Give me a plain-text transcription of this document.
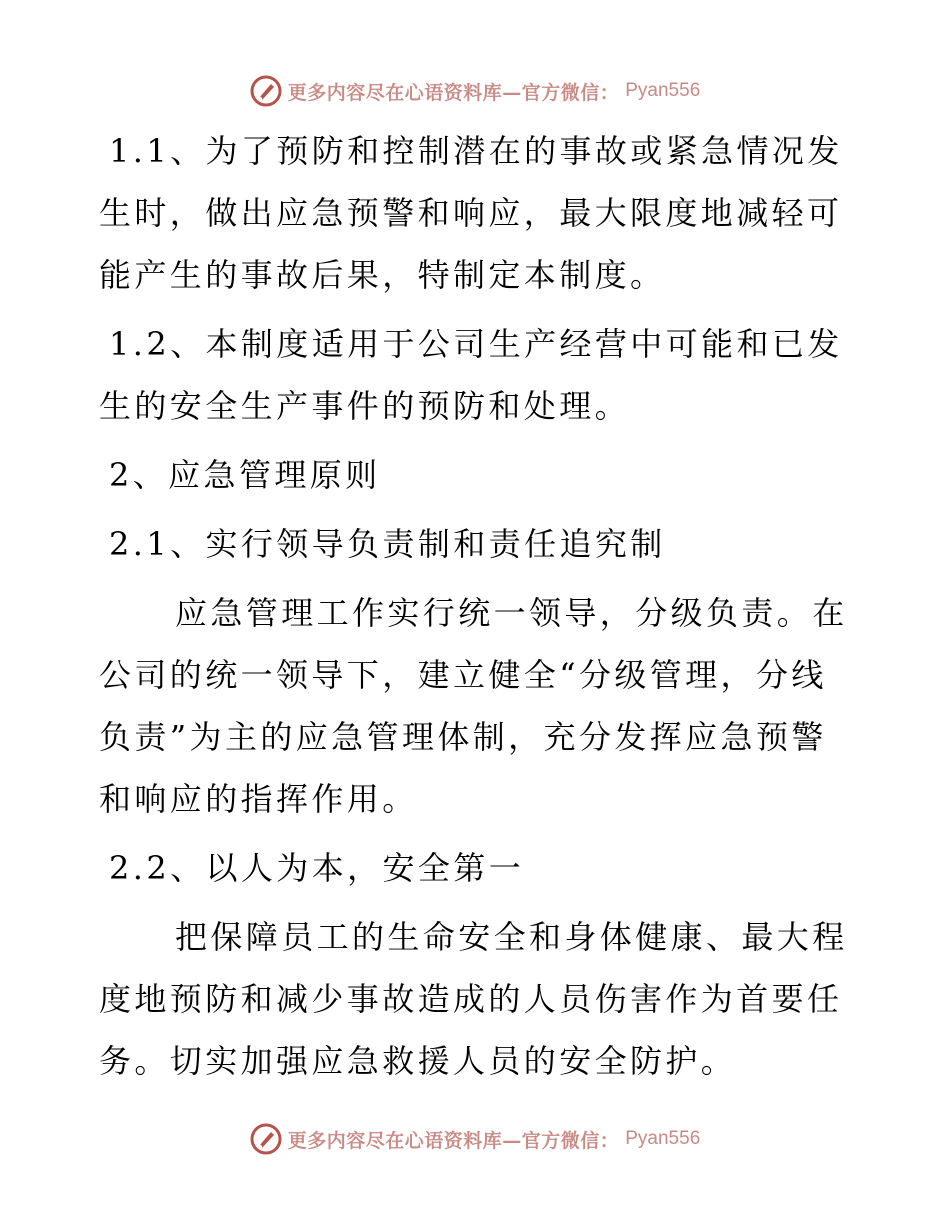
更多内容尽在心语资料库—官方微信： Pyan556

1.1、为了预防和控制潜在的事故或紧急情况发生时，做出应急预警和响应，最大限度地减轻可能产生的事故后果，特制定本制度。

1.2、本制度适用于公司生产经营中可能和已发生的安全生产事件的预防和处理。

2、应急管理原则

2.1、实行领导负责制和责任追究制

应急管理工作实行统一领导，分级负责。在公司的统一领导下，建立健全“分级管理，分线负责”为主的应急管理体制，充分发挥应急预警和响应的指挥作用。

2.2、以人为本，安全第一

把保障员工的生命安全和身体健康、最大程度地预防和减少事故造成的人员伤害作为首要任务。切实加强应急救援人员的安全防护。

更多内容尽在心语资料库—官方微信： Pyan556
